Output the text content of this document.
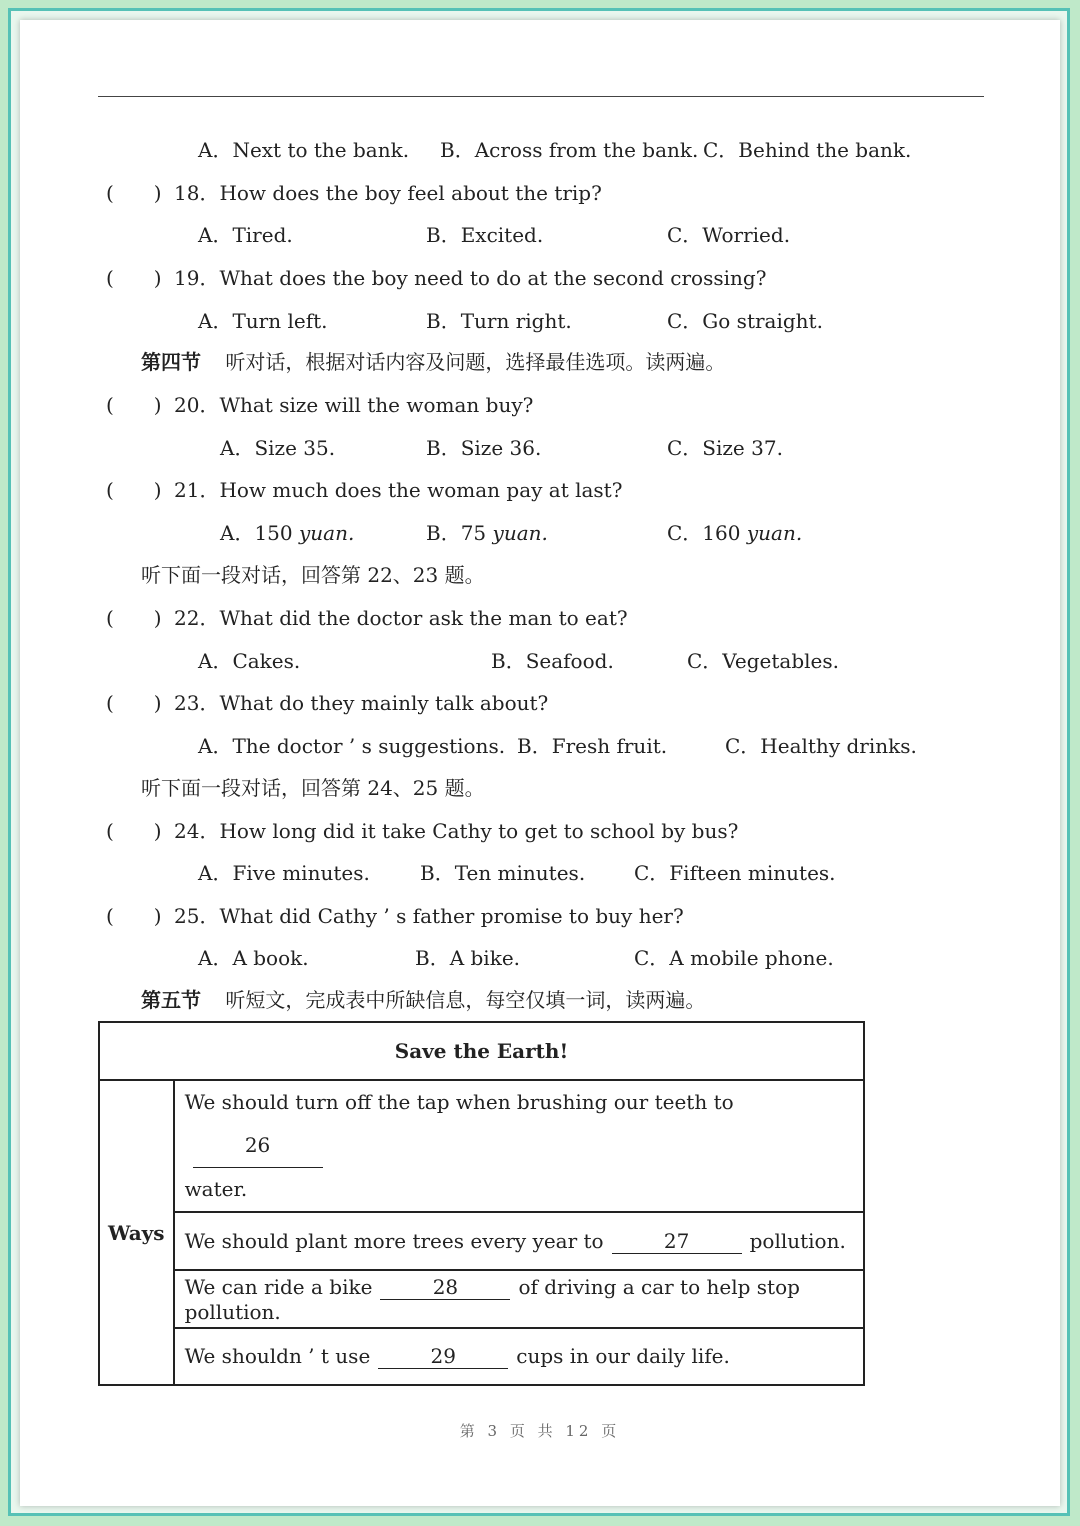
A．Next to the bank. B．Across from the bank. C．Behind the bank.
(　　) 18．How does the boy feel about the trip?
A．Tired.	B．Excited.	C．Worried.
(　　) 19．What does the boy need to do at the second crossing?
A．Turn left.	B．Turn right.	C．Go straight.
第四节 听对话，根据对话内容及问题，选择最佳选项。读两遍。
(　　) 20．What size will the woman buy?
A．Size 35.	B．Size 36.	C．Size 37.
(　　) 21．How much does the woman pay at last?
A．150 yuan.	B．75 yuan.	C．160 yuan.
听下面一段对话，回答第 22、23 题。
(　　) 22．What did the doctor ask the man to eat?
A．Cakes.	B．Seafood.	C．Vegetables.
(　　) 23．What do they mainly talk about?
A．The doctor ’ s suggestions. B．Fresh fruit.	C．Healthy drinks.
听下面一段对话，回答第 24、25 题。
(　　) 24．How long did it take Cathy to get to school by bus?
A．Five minutes.	B．Ten minutes. C．Fifteen minutes.
(　　) 25．What did Cathy ’ s father promise to buy her?
A．A book.	B．A bike.	C．A mobile phone.
第五节 听短文，完成表中所缺信息，每空仅填一词，读两遍。
Save the Earth!
Ways	We should turn off the tap when brushing our teeth to26
water.
We should plant more trees every year to	27	pollution.
We can ride a bike	28	of driving a car to help stop pollution.
We shouldn ’ t use	29	cups in our daily life.
第 3 页 共 12 页
